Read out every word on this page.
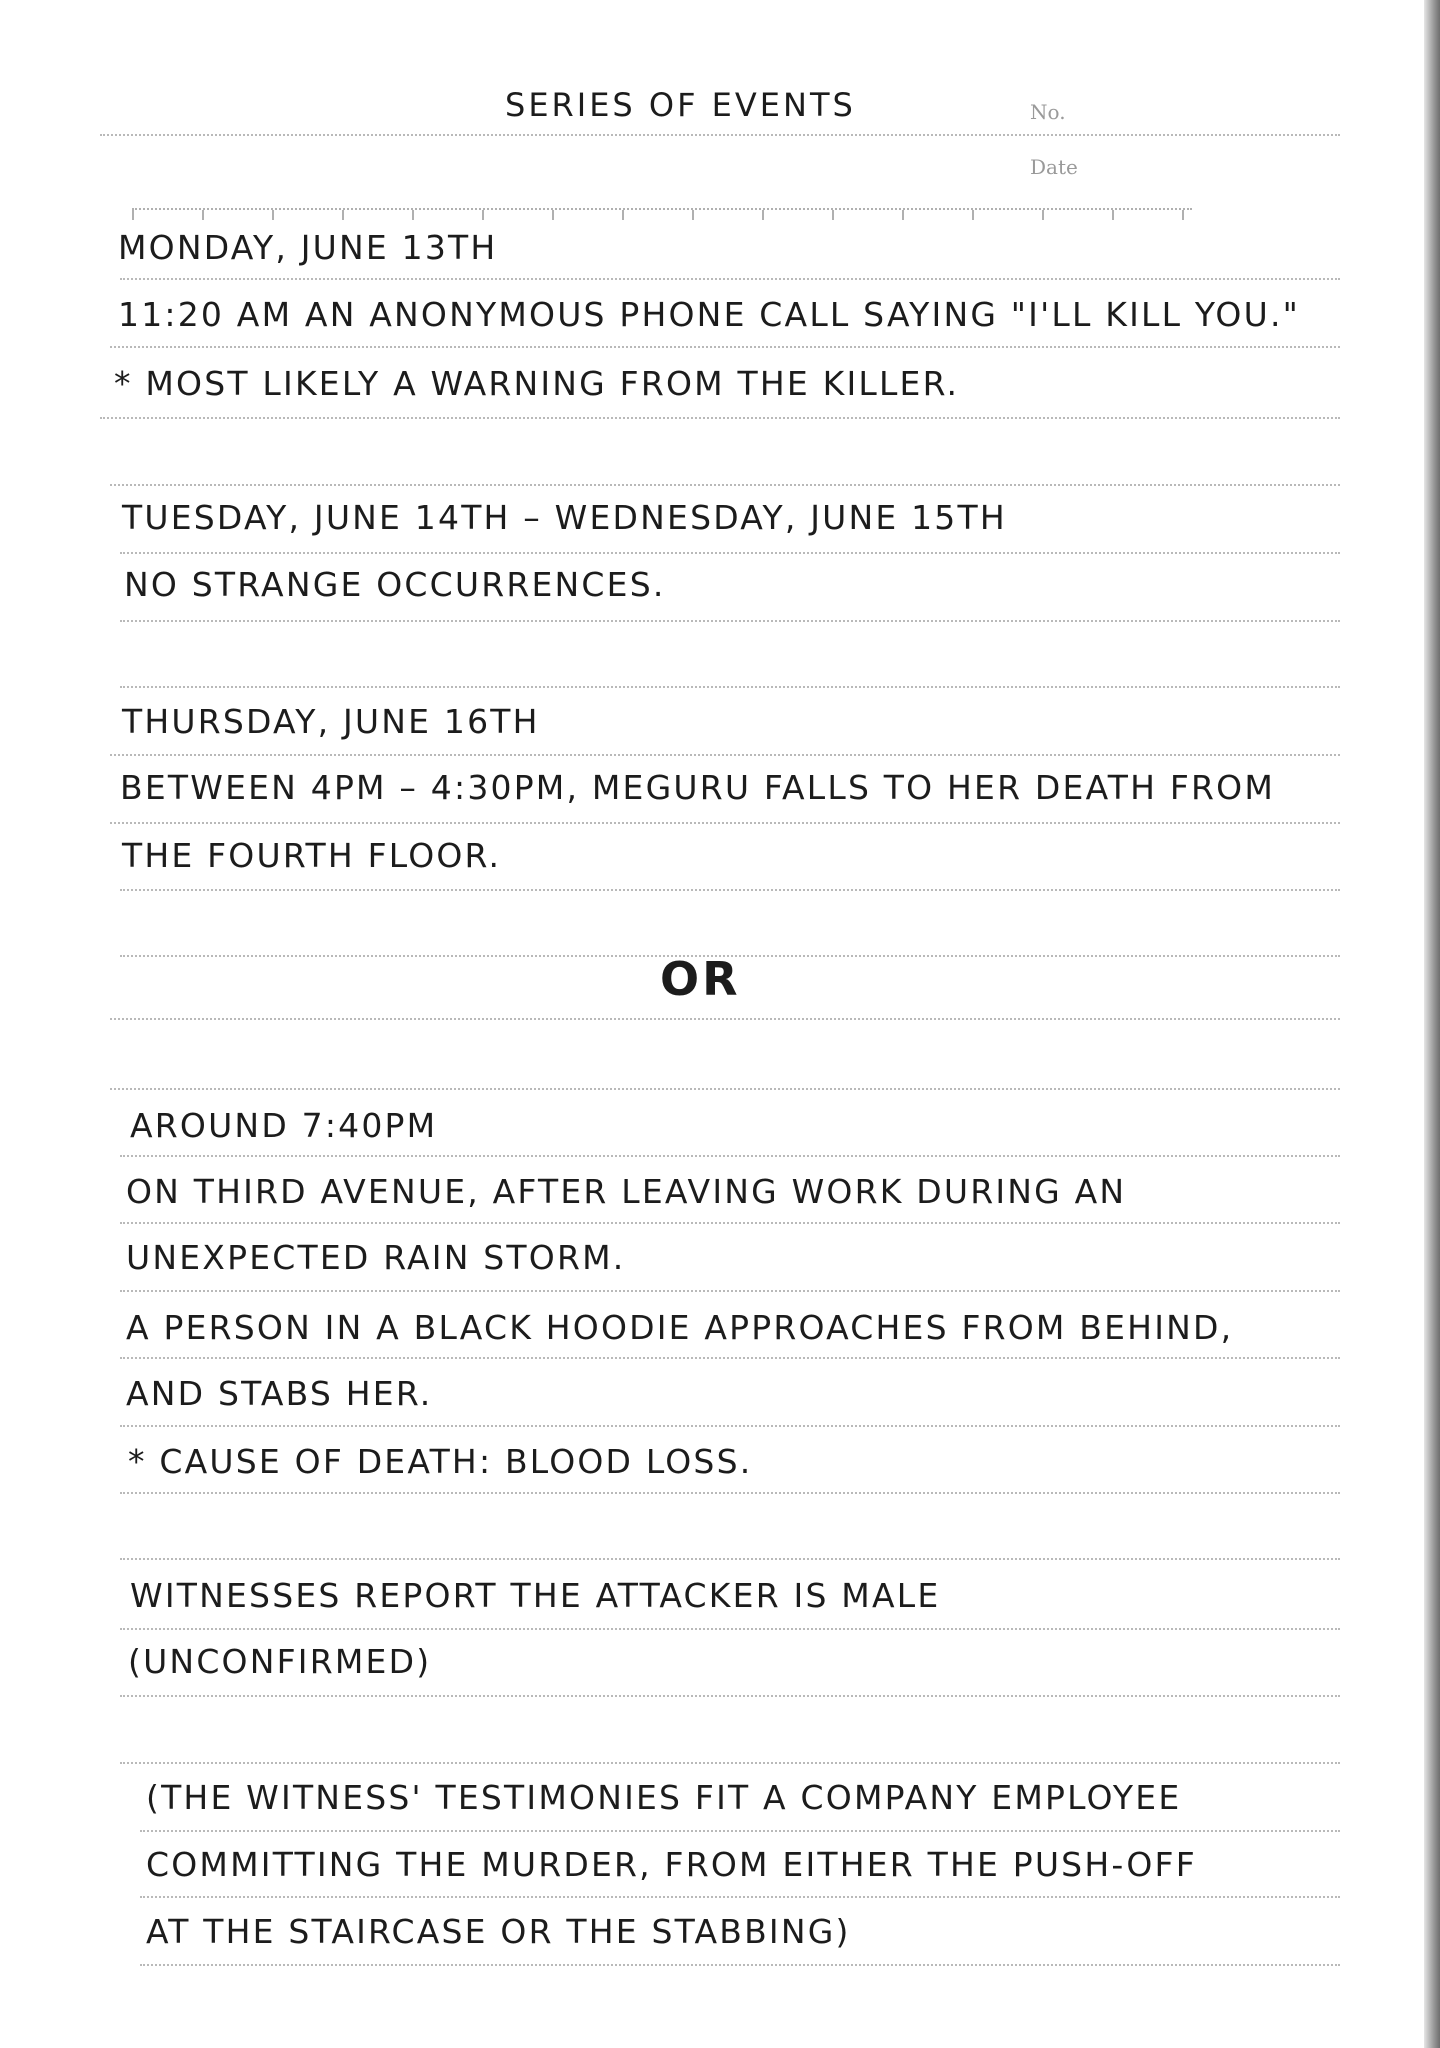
SERIES OF EVENTS	No.
Date
MONDAY, JUNE 13TH
11:20 AM AN ANONYMOUS PHONE CALL SAYING "I'LL KILL YOU."
* MOST LIKELY A WARNING FROM THE KILLER.
TUESDAY, JUNE 14TH – WEDNESDAY, JUNE 15TH
NO STRANGE OCCURRENCES.
THURSDAY, JUNE 16TH
BETWEEN 4PM – 4:30PM, MEGURU FALLS TO HER DEATH FROM
THE FOURTH FLOOR.
OR
AROUND 7:40PM
ON THIRD AVENUE, AFTER LEAVING WORK DURING AN
UNEXPECTED RAIN STORM.
A PERSON IN A BLACK HOODIE APPROACHES FROM BEHIND,
AND STABS HER.
* CAUSE OF DEATH: BLOOD LOSS.
WITNESSES REPORT THE ATTACKER IS MALE
(UNCONFIRMED)
(THE WITNESS' TESTIMONIES FIT A COMPANY EMPLOYEE
COMMITTING THE MURDER, FROM EITHER THE PUSH-OFF
AT THE STAIRCASE OR THE STABBING)
